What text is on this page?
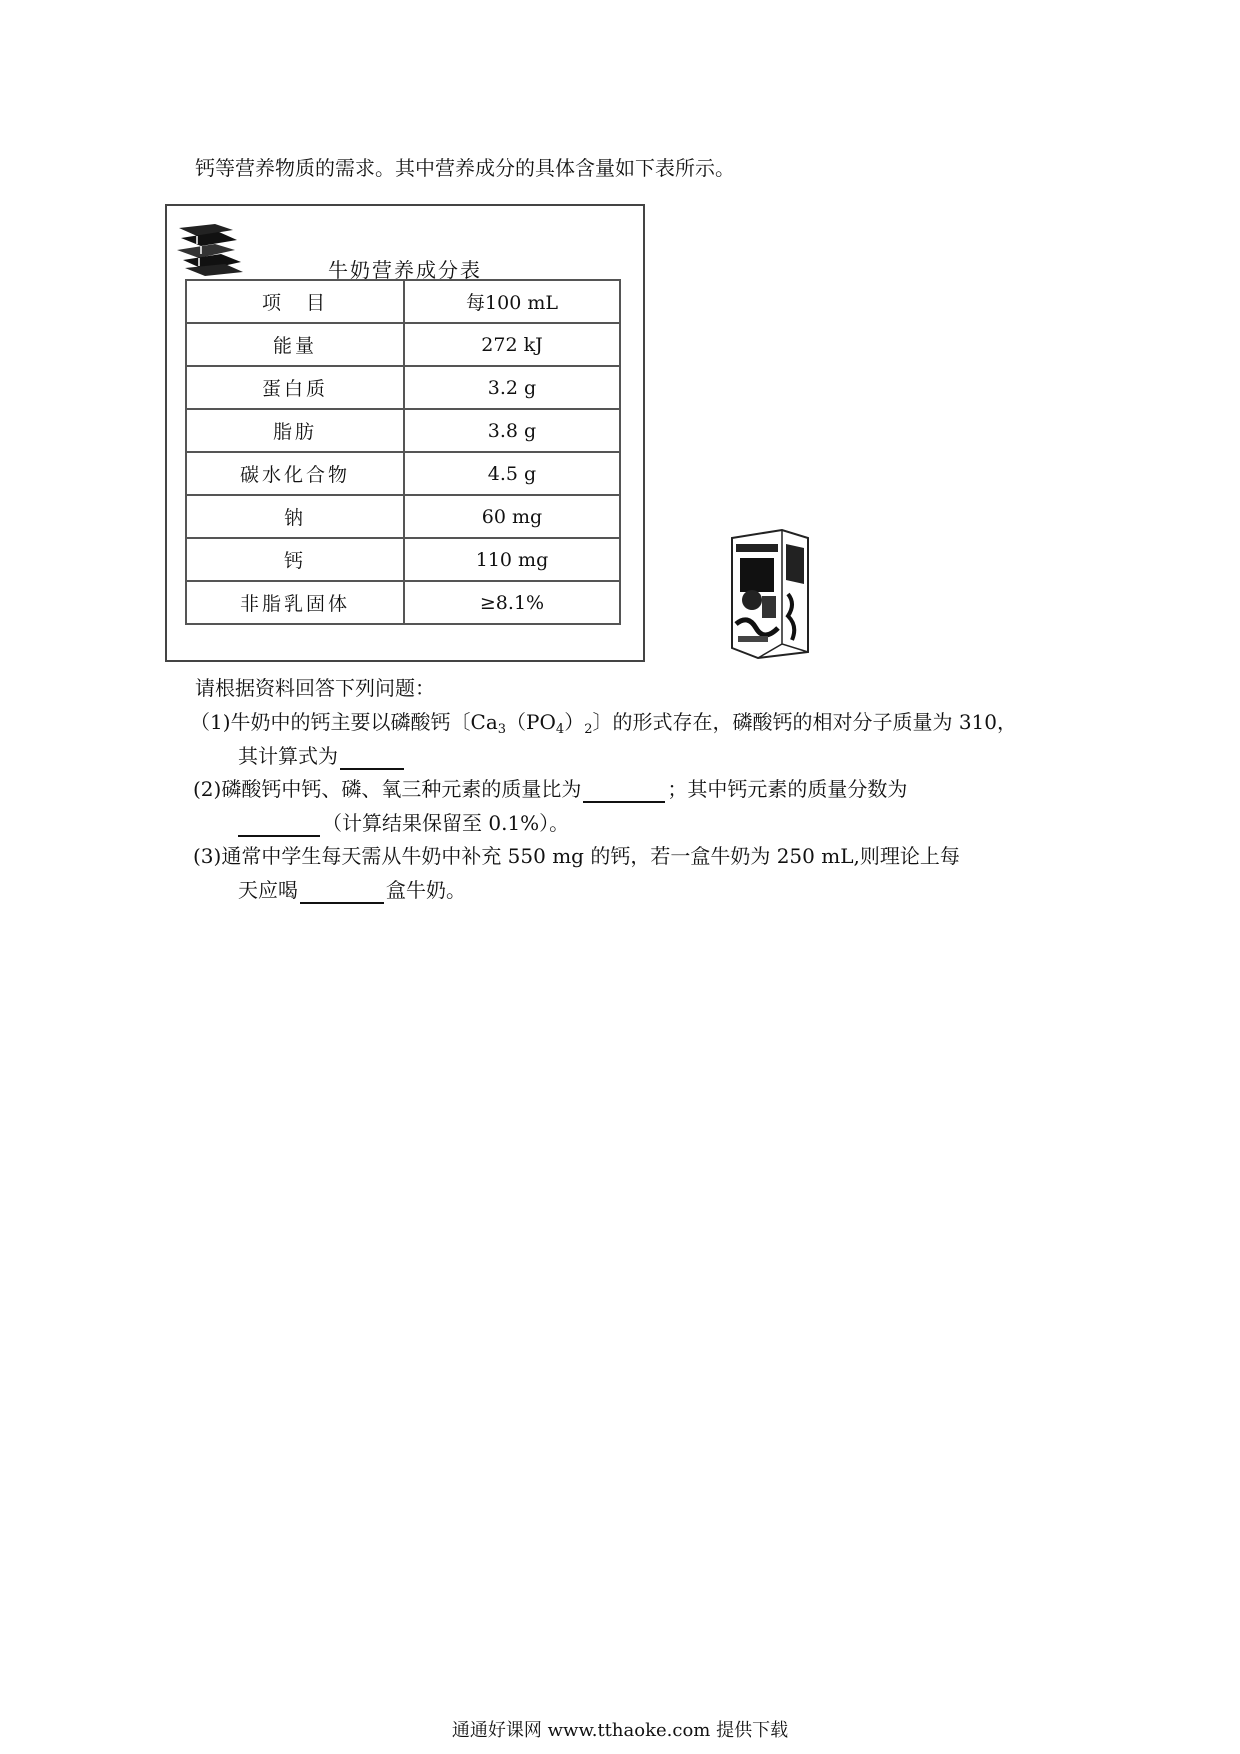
钙等营养物质的需求。其中营养成分的具体含量如下表所示。
牛奶营养成分表
项　目	每100 mL
能量	272 kJ
蛋白质	3.2 g
脂肪	3.8 g
碳水化合物	4.5 g
钠	60 mg
钙	110 mg
非脂乳固体	≥8.1%
请根据资料回答下列问题：
（1)牛奶中的钙主要以磷酸钙〔$Ca_3(PO_4)_2$〕的形式存在，磷酸钙的相对分子质量为 310，
其计算式为
(2)磷酸钙中钙、磷、氧三种元素的质量比为	；其中钙元素的质量分数为
（计算结果保留至 0.1%）。
(3)通常中学生每天需从牛奶中补充 550 mg 的钙，若一盒牛奶为 250 mL,则理论上每
天应喝	盒牛奶。
通通好课网 www.tthaoke.com 提供下载
